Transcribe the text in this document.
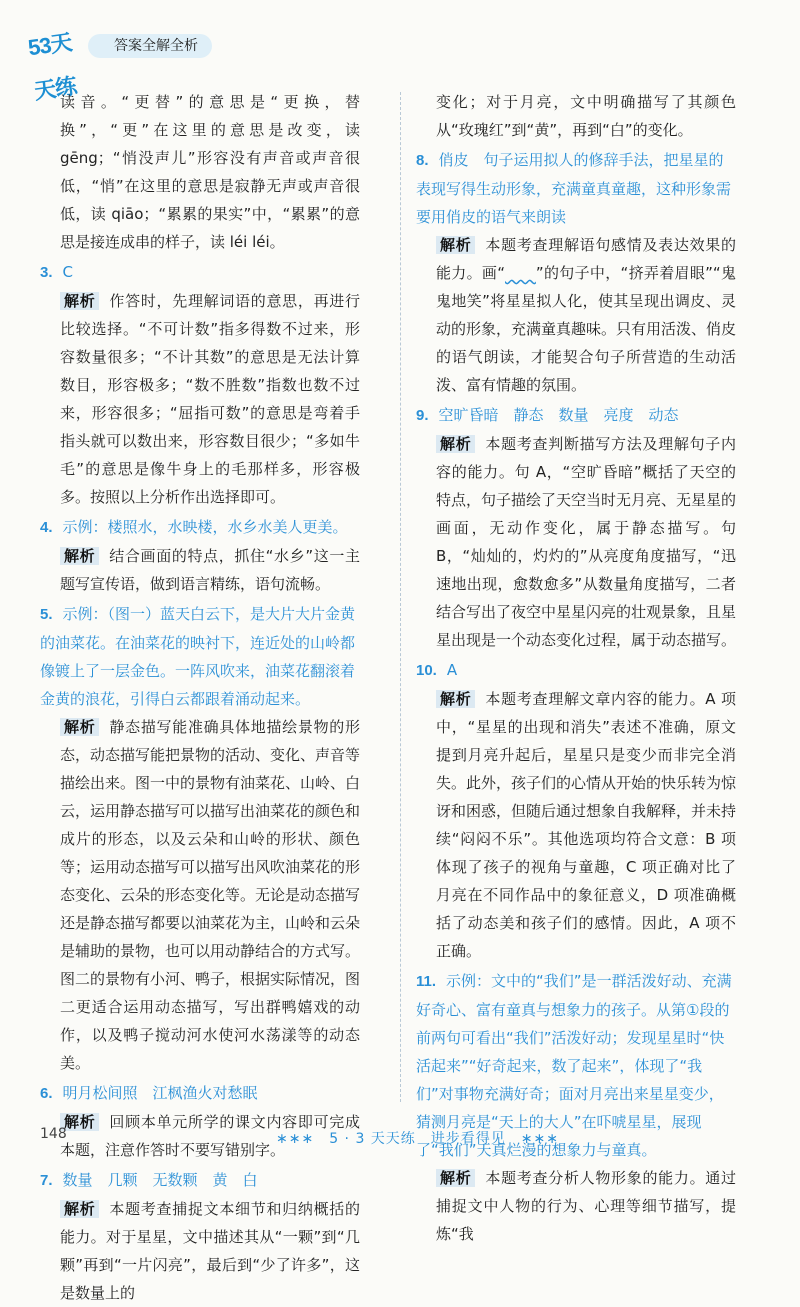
53天天练
答案全解全析

读音。“更替”的意思是“更换，替换”，“更”在这里的意思是改变，读 gēng；“悄没声儿”形容没有声音或声音很低，“悄”在这里的意思是寂静无声或声音很低，读 qiāo；“累累的果实”中，“累累”的意思是接连成串的样子，读 léi léi。

3. C

解析 作答时，先理解词语的意思，再进行比较选择。“不可计数”指多得数不过来，形容数量很多；“不计其数”的意思是无法计算数目，形容极多；“数不胜数”指数也数不过来，形容很多；“屈指可数”的意思是弯着手指头就可以数出来，形容数目很少；“多如牛毛”的意思是像牛身上的毛那样多，形容极多。按照以上分析作出选择即可。

4. 示例：楼照水，水映楼，水乡水美人更美。

解析 结合画面的特点，抓住“水乡”这一主题写宣传语，做到语言精练，语句流畅。

5. 示例：（图一）蓝天白云下，是大片大片金黄的油菜花。在油菜花的映衬下，连近处的山岭都像镀上了一层金色。一阵风吹来，油菜花翻滚着金黄的浪花，引得白云都跟着涌动起来。

解析 静态描写能准确具体地描绘景物的形态，动态描写能把景物的活动、变化、声音等描绘出来。图一中的景物有油菜花、山岭、白云，运用静态描写可以描写出油菜花的颜色和成片的形态，以及云朵和山岭的形状、颜色等；运用动态描写可以描写出风吹油菜花的形态变化、云朵的形态变化等。无论是动态描写还是静态描写都要以油菜花为主，山岭和云朵是辅助的景物，也可以用动静结合的方式写。图二的景物有小河、鸭子，根据实际情况，图二更适合运用动态描写，写出群鸭嬉戏的动作，以及鸭子搅动河水使河水荡漾等的动态美。

6. 明月松间照　江枫渔火对愁眠

解析 回顾本单元所学的课文内容即可完成本题，注意作答时不要写错别字。

7. 数量　几颗　无数颗　黄　白

解析 本题考查捕捉文本细节和归纳概括的能力。对于星星，文中描述其从“一颗”到“几颗”再到“一片闪亮”，最后到“少了许多”，这是数量上的

变化；对于月亮，文中明确描写了其颜色从“玫瑰红”到“黄”，再到“白”的变化。

8. 俏皮　句子运用拟人的修辞手法，把星星的表现写得生动形象，充满童真童趣，这种形象需要用俏皮的语气来朗读

解析 本题考查理解语句感情及表达效果的能力。画“　　 ”的句子中，“挤弄着眉眼”“鬼鬼地笑”将星星拟人化，使其呈现出调皮、灵动的形象，充满童真趣味。只有用活泼、俏皮的语气朗读，才能契合句子所营造的生动活泼、富有情趣的氛围。

9. 空旷昏暗　静态　数量　亮度　动态

解析 本题考查判断描写方法及理解句子内容的能力。句 A，“空旷昏暗”概括了天空的特点，句子描绘了天空当时无月亮、无星星的画面，无动作变化，属于静态描写。句 B，“灿灿的，灼灼的”从亮度角度描写，“迅速地出现，愈数愈多”从数量角度描写，二者结合写出了夜空中星星闪亮的壮观景象，且星星出现是一个动态变化过程，属于动态描写。

10. A

解析 本题考查理解文章内容的能力。A 项中，“星星的出现和消失”表述不准确，原文提到月亮升起后，星星只是变少而非完全消失。此外，孩子们的心情从开始的快乐转为惊讶和困惑，但随后通过想象自我解释，并未持续“闷闷不乐”。其他选项均符合文意：B 项体现了孩子的视角与童趣，C 项正确对比了月亮在不同作品中的象征意义，D 项准确概括了动态美和孩子们的感情。因此，A 项不正确。

11. 示例：文中的“我们”是一群活泼好动、充满好奇心、富有童真与想象力的孩子。从第①段的前两句可看出“我们”活泼好动；发现星星时“快活起来”“好奇起来，数了起来”，体现了“我们”对事物充满好奇；面对月亮出来星星变少，猜测月亮是“天上的大人”在吓唬星星，展现了“我们”天真烂漫的想象力与童真。

解析 本题考查分析人物形象的能力。通过捕捉文中人物的行为、心理等细节描写，提炼“我

148	∗∗∗　5 · 3 天天练　进步看得见　∗∗∗
